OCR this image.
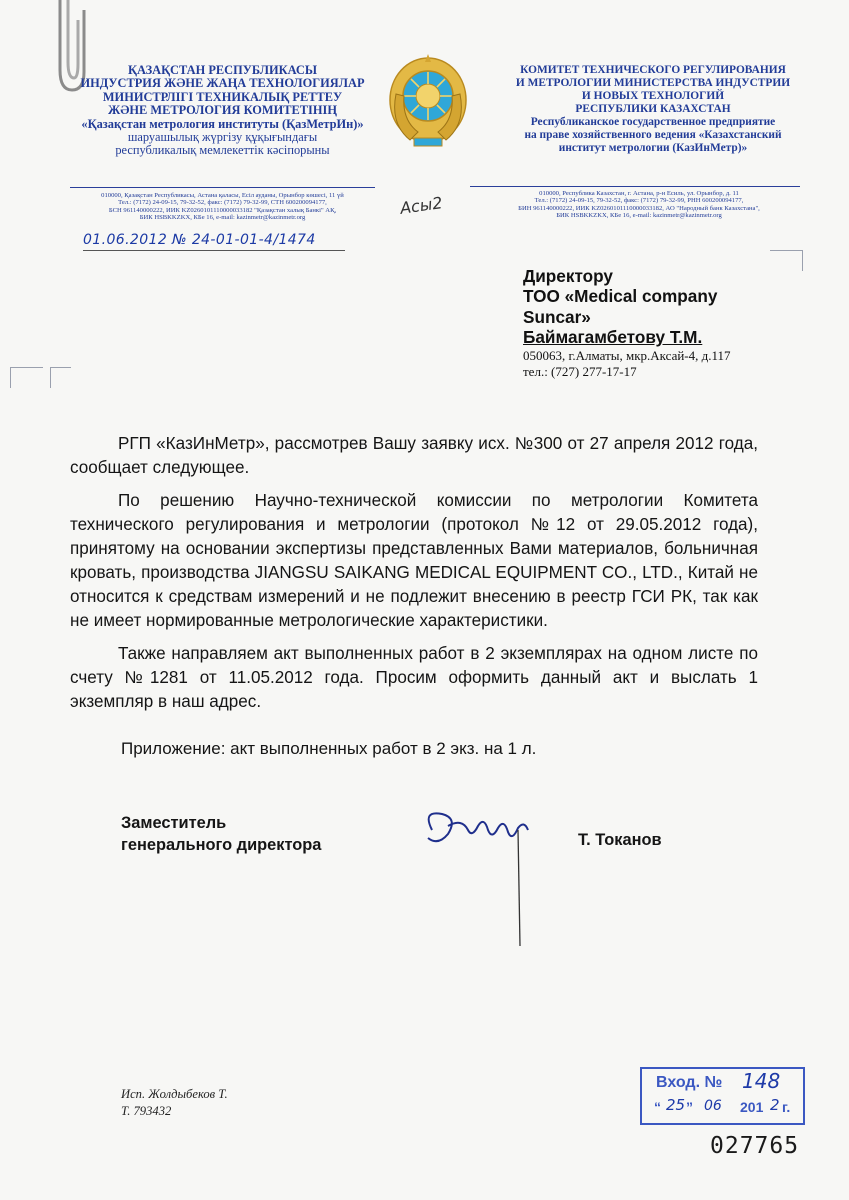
ҚАЗАҚСТАН РЕСПУБЛИКАСЫ
ИНДУСТРИЯ ЖӘНЕ ЖАҢА ТЕХНОЛОГИЯЛАР
МИНИСТРЛІГІ ТЕХНИКАЛЫҚ РЕТТЕУ
ЖӘНЕ МЕТРОЛОГИЯ КОМИТЕТІНІҢ
«Қазақстан метрология институты (ҚазМетрИн)»
шаруашылық жүргізу құқығындағы
республикалық мемлекеттік кәсіпорыны
КОМИТЕТ ТЕХНИЧЕСКОГО РЕГУЛИРОВАНИЯ
И МЕТРОЛОГИИ МИНИСТЕРСТВА ИНДУСТРИИ
И НОВЫХ ТЕХНОЛОГИЙ
РЕСПУБЛИКИ КАЗАХСТАН
Республиканское государственное предприятие
на праве хозяйственного ведения «Казахстанский
институт метрологии (КазИнМетр)»
010000, Қазақстан Республикасы, Астана қаласы, Есіл ауданы, Орынбор көшесі, 11 үй
Тел.: (7172) 24-09-15, 79-32-52, факс: (7172) 79-32-99, СТН 600200094177,
БСН 961140000222, ИИК KZ0260101110000033182 "Қазақстан халық Банкі" АҚ,
БИК HSBKKZKX, КБе 16, e-mail: kazinmetr@kazinmetr.org
010000, Республика Казахстан, г. Астана, р-н Есиль, ул. Орынбор, д. 11
Тел.: (7172) 24-09-15, 79-32-52, факс: (7172) 79-32-99, РНН 600200094177,
БИН 961140000222, ИИК KZ0260101110000033182, АО "Народный банк Казахстана",
БИК HSBKKZKX, КБе 16, e-mail: kazinmetr@kazinmetr.org
Асы2
01.06.2012 № 24-01-01-4/1474
Директору
ТОО «Medical company
Suncar»
Баймагамбетову Т.М.
050063, г.Алматы, мкр.Аксай-4, д.117
тел.: (727) 277-17-17

РГП «КазИнМетр», рассмотрев Вашу заявку исх. №300 от 27 апреля 2012 года, сообщает следующее.

По решению Научно-технической комиссии по метрологии Комитета технического регулирования и метрологии (протокол №12 от 29.05.2012 года), принятому на основании экспертизы представленных Вами материалов, больничная кровать, производства JIANGSU SAIKANG MEDICAL EQUIPMENT CO., LTD., Китай не относится к средствам измерений и не подлежит внесению в реестр ГСИ РК, так как не имеет нормированные метрологические характеристики.

Также направляем акт выполненных работ в 2 экземплярах на одном листе по счету №1281 от 11.05.2012 года. Просим оформить данный акт и выслать 1 экземпляр в наш адрес.

Приложение: акт выполненных работ в 2 экз. на 1 л.
Заместитель
генерального директора	Т. Токанов
Исп. Жолдыбеков Т.
Т. 793432
Вход. № 148
“ 25 ” 06 201 2 г.
027765
